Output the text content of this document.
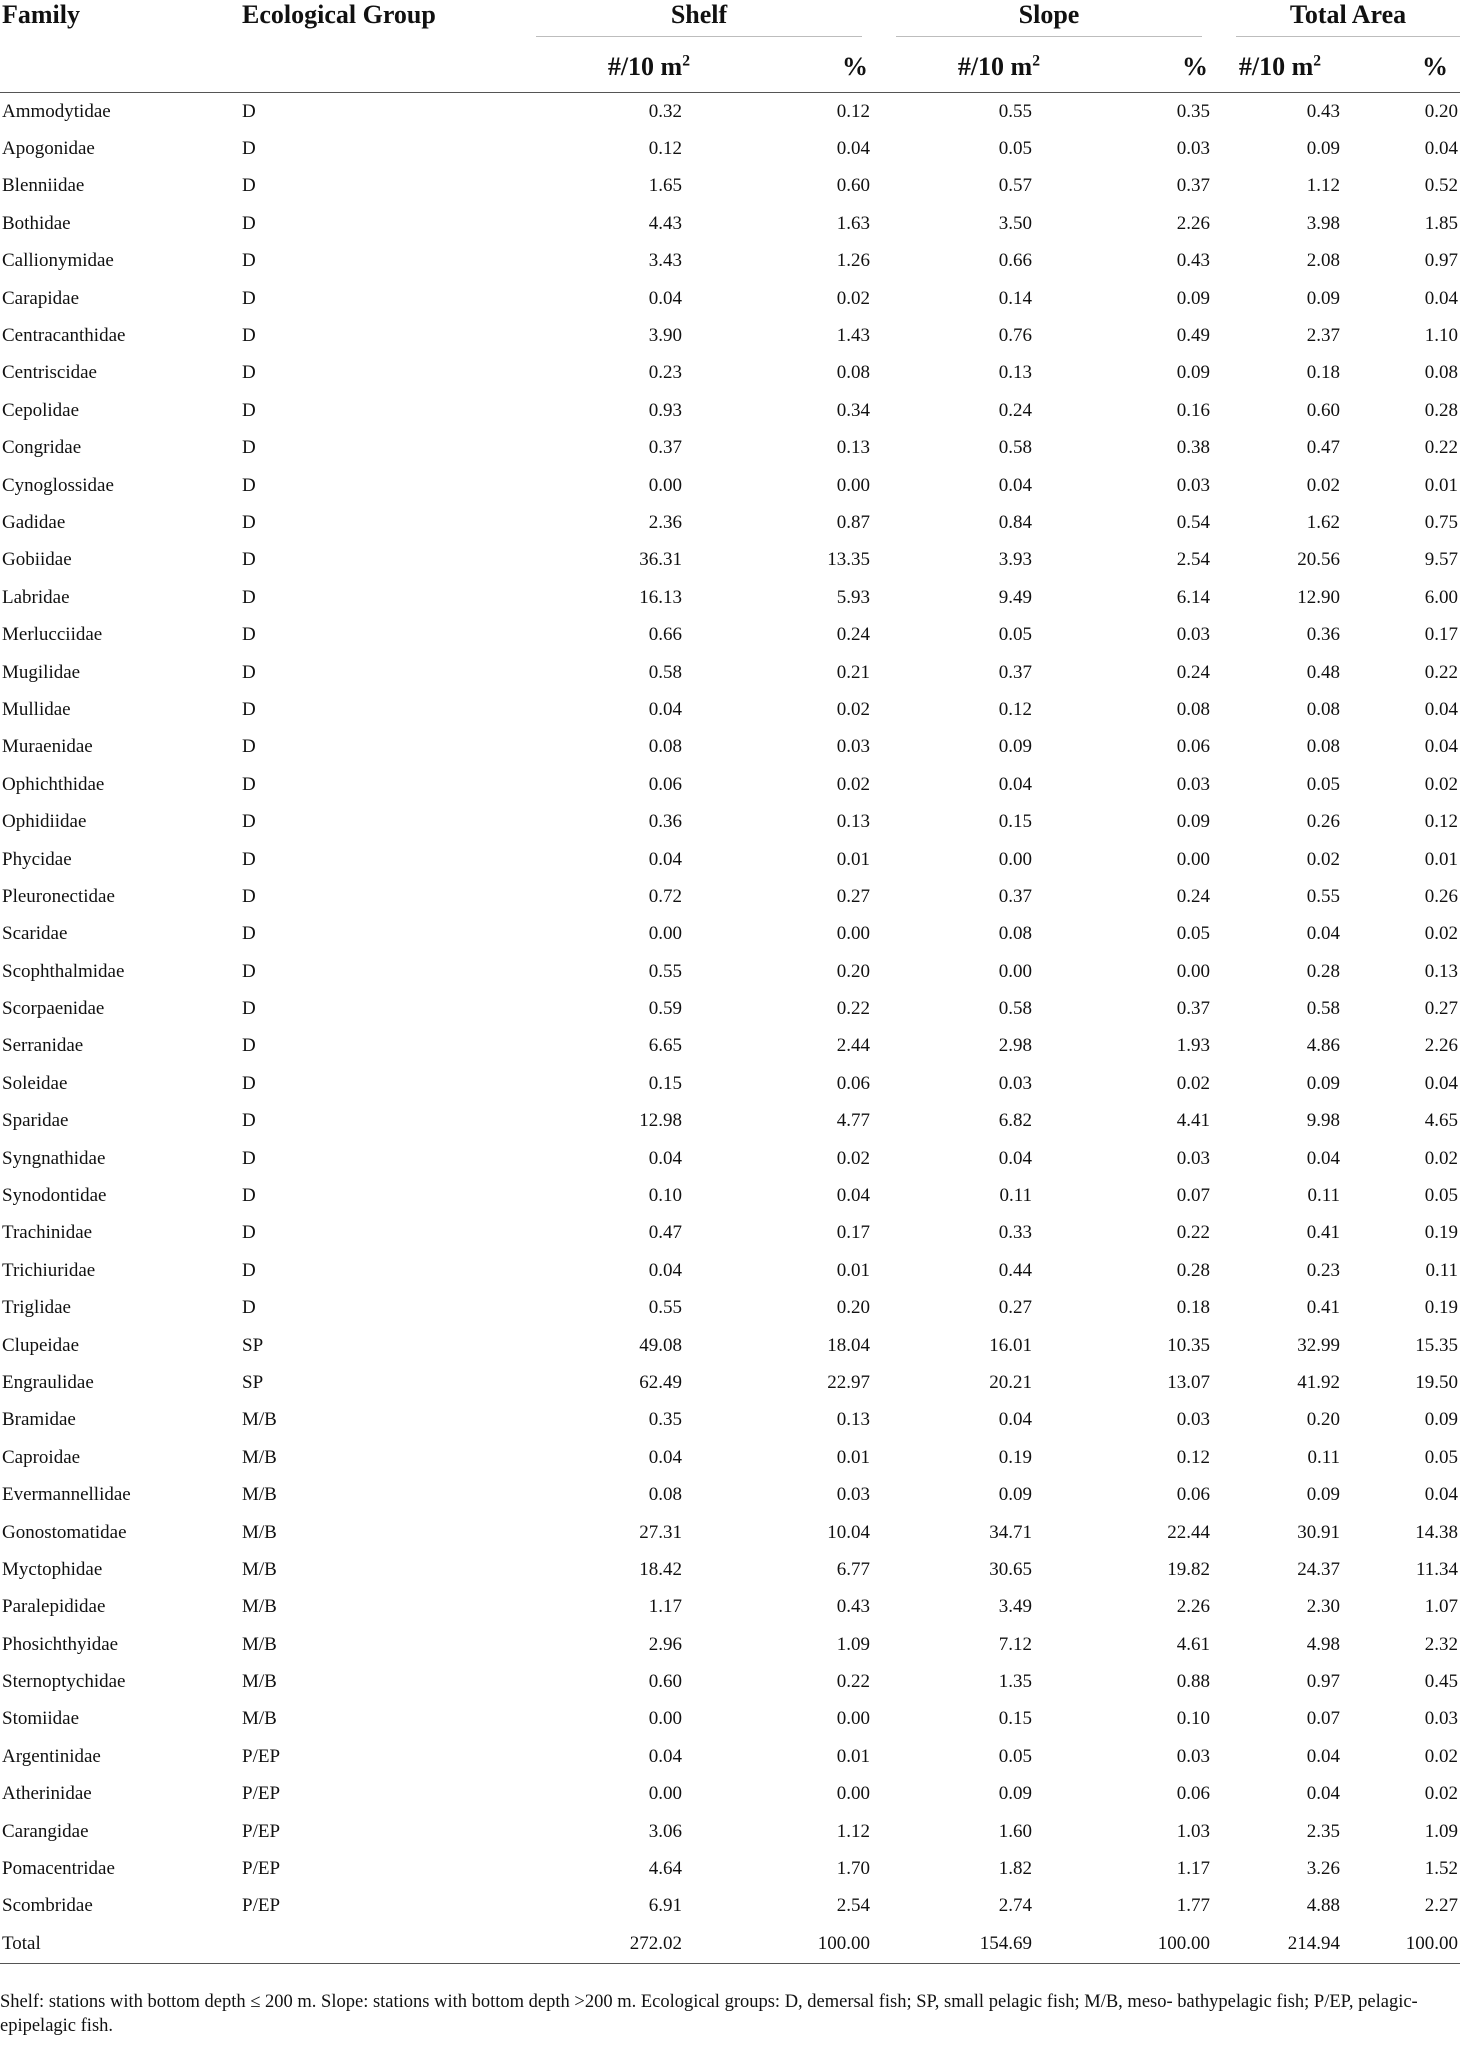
Family	Ecological Group	Shelf		Slope		Total Area	

		#/10 $m^2$	%	#/10 $m^2$	%	#/10 $m^2$	%
Ammodytidae	D	0.32	0.12	0.55	0.35	0.43	0.20
Apogonidae	D	0.12	0.04	0.05	0.03	0.09	0.04
Blenniidae	D	1.65	0.60	0.57	0.37	1.12	0.52
Bothidae	D	4.43	1.63	3.50	2.26	3.98	1.85
Callionymidae	D	3.43	1.26	0.66	0.43	2.08	0.97
Carapidae	D	0.04	0.02	0.14	0.09	0.09	0.04
Centracanthidae	D	3.90	1.43	0.76	0.49	2.37	1.10
Centriscidae	D	0.23	0.08	0.13	0.09	0.18	0.08
Cepolidae	D	0.93	0.34	0.24	0.16	0.60	0.28
Congridae	D	0.37	0.13	0.58	0.38	0.47	0.22
Cynoglossidae	D	0.00	0.00	0.04	0.03	0.02	0.01
Gadidae	D	2.36	0.87	0.84	0.54	1.62	0.75
Gobiidae	D	36.31	13.35	3.93	2.54	20.56	9.57
Labridae	D	16.13	5.93	9.49	6.14	12.90	6.00
Merlucciidae	D	0.66	0.24	0.05	0.03	0.36	0.17
Mugilidae	D	0.58	0.21	0.37	0.24	0.48	0.22
Mullidae	D	0.04	0.02	0.12	0.08	0.08	0.04
Muraenidae	D	0.08	0.03	0.09	0.06	0.08	0.04
Ophichthidae	D	0.06	0.02	0.04	0.03	0.05	0.02
Ophidiidae	D	0.36	0.13	0.15	0.09	0.26	0.12
Phycidae	D	0.04	0.01	0.00	0.00	0.02	0.01
Pleuronectidae	D	0.72	0.27	0.37	0.24	0.55	0.26
Scaridae	D	0.00	0.00	0.08	0.05	0.04	0.02
Scophthalmidae	D	0.55	0.20	0.00	0.00	0.28	0.13
Scorpaenidae	D	0.59	0.22	0.58	0.37	0.58	0.27
Serranidae	D	6.65	2.44	2.98	1.93	4.86	2.26
Soleidae	D	0.15	0.06	0.03	0.02	0.09	0.04
Sparidae	D	12.98	4.77	6.82	4.41	9.98	4.65
Syngnathidae	D	0.04	0.02	0.04	0.03	0.04	0.02
Synodontidae	D	0.10	0.04	0.11	0.07	0.11	0.05
Trachinidae	D	0.47	0.17	0.33	0.22	0.41	0.19
Trichiuridae	D	0.04	0.01	0.44	0.28	0.23	0.11
Triglidae	D	0.55	0.20	0.27	0.18	0.41	0.19
Clupeidae	SP	49.08	18.04	16.01	10.35	32.99	15.35
Engraulidae	SP	62.49	22.97	20.21	13.07	41.92	19.50
Bramidae	M/B	0.35	0.13	0.04	0.03	0.20	0.09
Caproidae	M/B	0.04	0.01	0.19	0.12	0.11	0.05
Evermannellidae	M/B	0.08	0.03	0.09	0.06	0.09	0.04
Gonostomatidae	M/B	27.31	10.04	34.71	22.44	30.91	14.38
Myctophidae	M/B	18.42	6.77	30.65	19.82	24.37	11.34
Paralepididae	M/B	1.17	0.43	3.49	2.26	2.30	1.07
Phosichthyidae	M/B	2.96	1.09	7.12	4.61	4.98	2.32
Sternoptychidae	M/B	0.60	0.22	1.35	0.88	0.97	0.45
Stomiidae	M/B	0.00	0.00	0.15	0.10	0.07	0.03
Argentinidae	P/EP	0.04	0.01	0.05	0.03	0.04	0.02
Atherinidae	P/EP	0.00	0.00	0.09	0.06	0.04	0.02
Carangidae	P/EP	3.06	1.12	1.60	1.03	2.35	1.09
Pomacentridae	P/EP	4.64	1.70	1.82	1.17	3.26	1.52
Scombridae	P/EP	6.91	2.54	2.74	1.77	4.88	2.27
Total		272.02	100.00	154.69	100.00	214.94	100.00

Shelf: stations with bottom depth ≤ 200 m. Slope: stations with bottom depth >200 m. Ecological groups: D, demersal fish; SP, small pelagic fish; M/B, meso- bathypelagic fish; P/EP, pelagic-epipelagic fish.
